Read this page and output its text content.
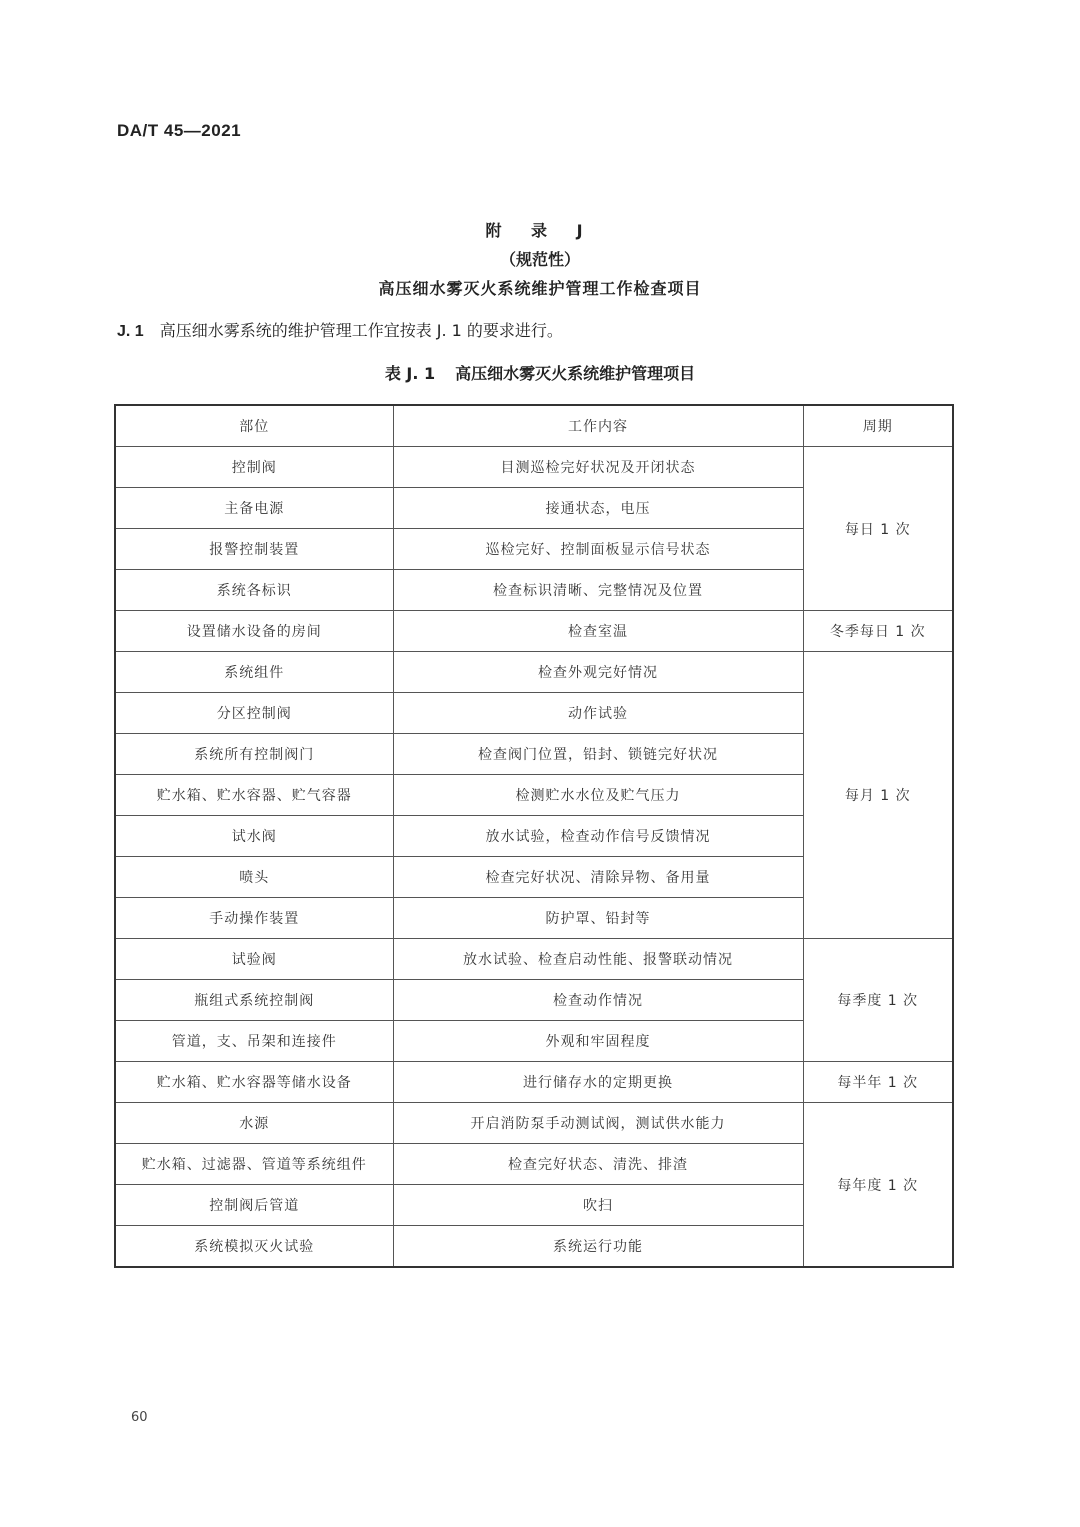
DA/T 45—2021
附 录 J
（规范性）
高压细水雾灭火系统维护管理工作检查项目
J. 1 高压细水雾系统的维护管理工作宜按表 J. 1 的要求进行。
表 J. 1 高压细水雾灭火系统维护管理项目
部位	工作内容	周期
控制阀	目测巡检完好状况及开闭状态	每日 1 次
主备电源	接通状态，电压	
报警控制装置	巡检完好、控制面板显示信号状态	
系统各标识	检查标识清晰、完整情况及位置	
设置储水设备的房间	检查室温	冬季每日 1 次
系统组件	检查外观完好情况	每月 1 次
分区控制阀	动作试验	
系统所有控制阀门	检查阀门位置，铅封、锁链完好状况	
贮水箱、贮水容器、贮气容器	检测贮水水位及贮气压力	
试水阀	放水试验，检查动作信号反馈情况	
喷头	检查完好状况、清除异物、备用量	
手动操作装置	防护罩、铅封等	
试验阀	放水试验、检查启动性能、报警联动情况	每季度 1 次
瓶组式系统控制阀	检查动作情况	
管道，支、吊架和连接件	外观和牢固程度	
贮水箱、贮水容器等储水设备	进行储存水的定期更换	每半年 1 次
水源	开启消防泵手动测试阀，测试供水能力	每年度 1 次
贮水箱、过滤器、管道等系统组件	检查完好状态、清洗、排渣	
控制阀后管道	吹扫	
系统模拟灭火试验	系统运行功能	
60
